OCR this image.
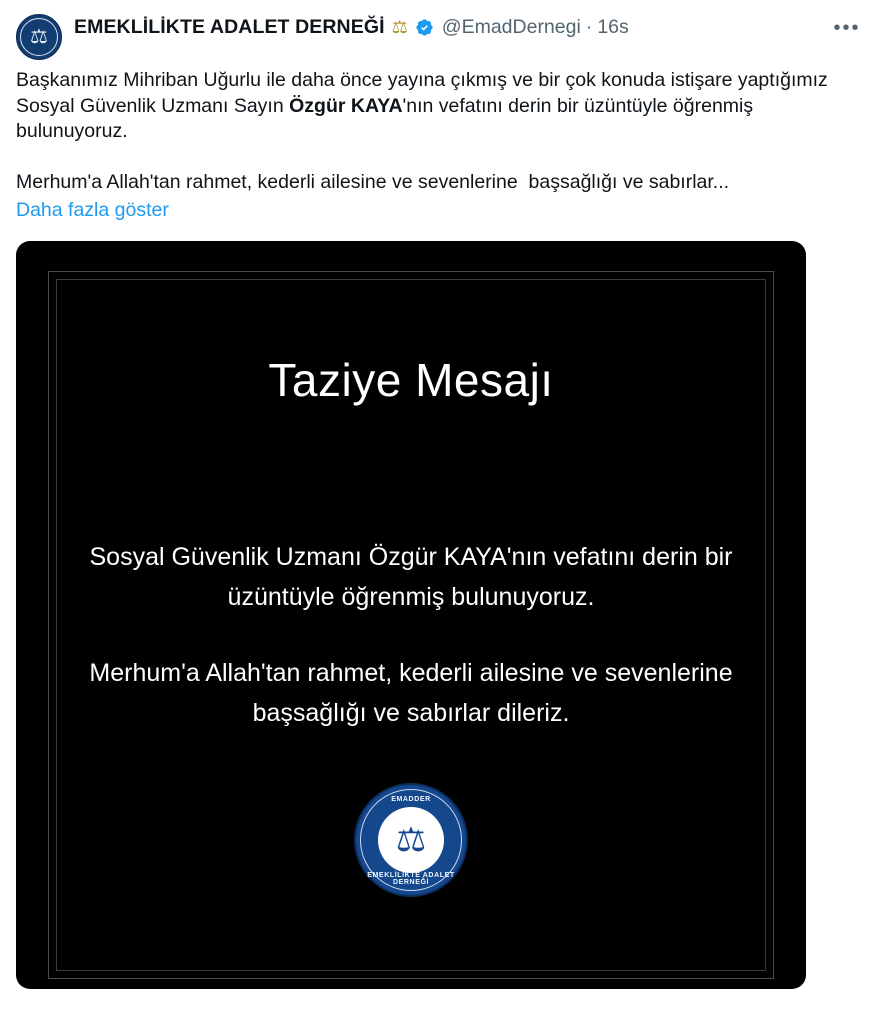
⚖ EMEKLİLİKTE ADALET DERNEĞİ ⚖ @EmadDernegi · 16s	•••
Başkanımız Mihriban Uğurlu ile daha önce yayına çıkmış ve bir çok konuda istişare yaptığımız Sosyal Güvenlik Uzmanı Sayın Özgür KAYA'nın vefatını derin bir üzüntüyle öğrenmiş bulunuyoruz.

Merhum'a Allah'tan rahmet, kederli ailesine ve sevenlerine  başsağlığı ve sabırlar...
Daha fazla göster
Taziye Mesajı
Sosyal Güvenlik Uzmanı Özgür KAYA'nın vefatını derin bir üzüntüyle öğrenmiş bulunuyoruz.
Merhum'a Allah'tan rahmet, kederli ailesine ve sevenlerine başsağlığı ve sabırlar dileriz.
EMADDER
⚖
EMEKLİLİKTE ADALET DERNEĞİ
